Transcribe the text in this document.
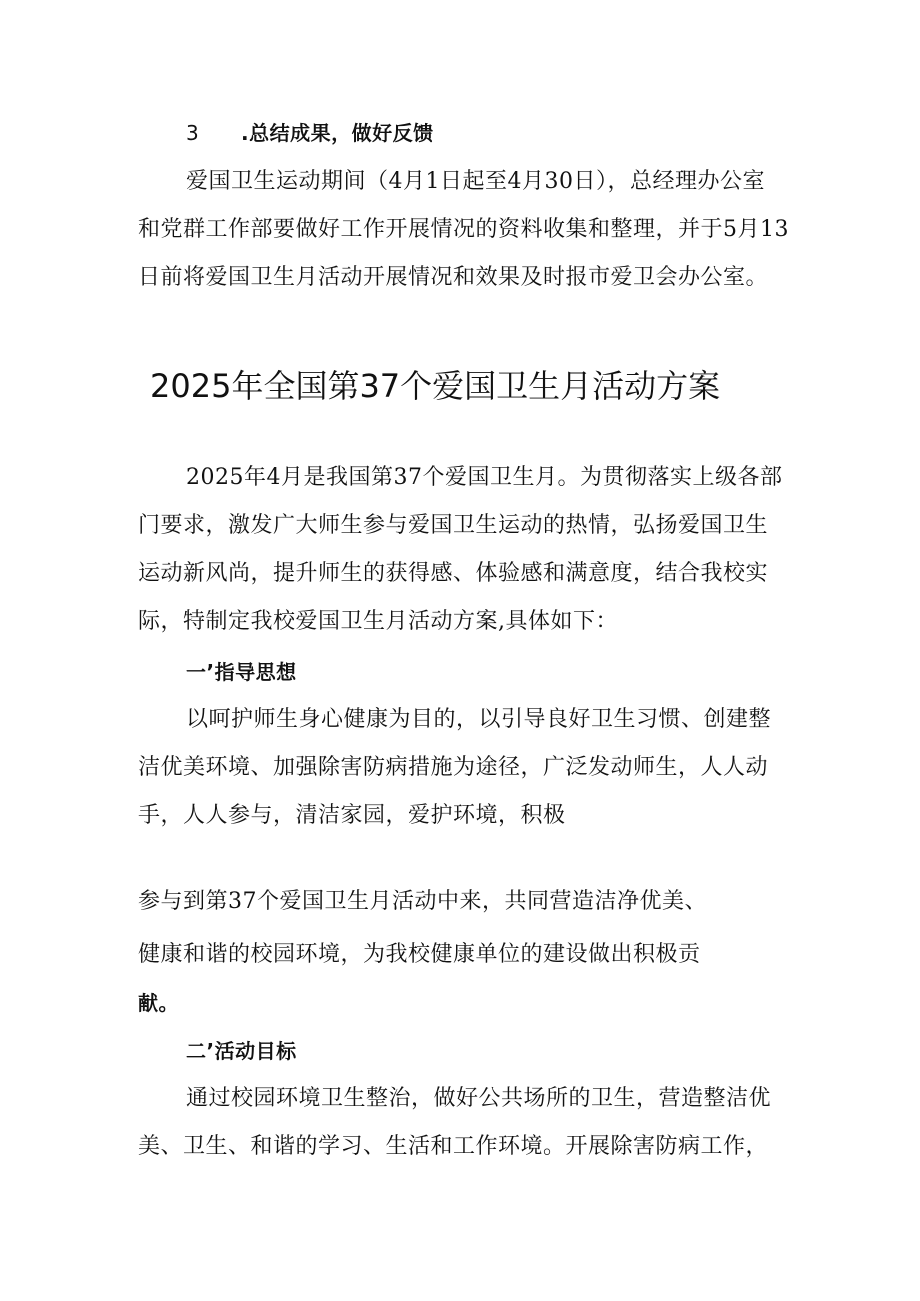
3 .总结成果，做好反馈
爱国卫生运动期间（4月1日起至4月30日），总经理办公室
和党群工作部要做好工作开展情况的资料收集和整理，并于5月13
日前将爱国卫生月活动开展情况和效果及时报市爱卫会办公室。
2025年全国第37个爱国卫生月活动方案
2025年4月是我国第37个爱国卫生月。为贯彻落实上级各部
门要求，激发广大师生参与爱国卫生运动的热情，弘扬爱国卫生
运动新风尚，提升师生的获得感、体验感和满意度，结合我校实
际，特制定我校爱国卫生月活动方案,具体如下：
一’指导思想
以呵护师生身心健康为目的，以引导良好卫生习惯、创建整
洁优美环境、加强除害防病措施为途径，广泛发动师生，人人动
手，人人参与，清洁家园，爱护环境，积极
参与到第37个爱国卫生月活动中来，共同营造洁净优美、
健康和谐的校园环境，为我校健康单位的建设做出积极贡
献。
二’活动目标
通过校园环境卫生整治，做好公共场所的卫生，营造整洁优
美、卫生、和谐的学习、生活和工作环境。开展除害防病工作，
